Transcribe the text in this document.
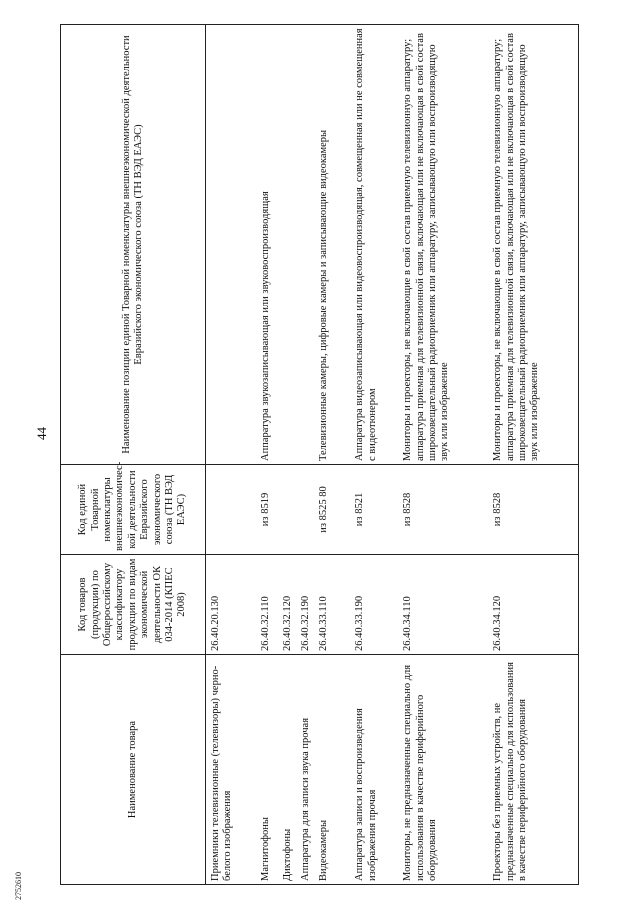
44
2752610
Наименование товара	Код товаров (продукции) по Общероссийскому классификатору продукции по видам экономической деятельности ОК 034-2014 (КПЕС 2008)	Код единой Товарной номенклатуры внешнеэкономичес-кой деятельности Евразийского экономического союза (ТН ВЭД ЕАЭС)	Наименование позиции единой Товарной номенклатуры внешнеэкономической деятельности Евразийского экономического союза (ТН ВЭД ЕАЭС)
Приемники телевизионные (телевизоры) черно-белого изображения	26.40.20.130		
Магнитофоны	26.40.32.110	из 8519	Аппаратура звукозаписывающая или звуковоспроизводящая
Диктофоны	26.40.32.120		
Аппаратура для записи звука прочая	26.40.32.190		
Видеокамеры	26.40.33.110	из 8525 80	Телевизионные камеры, цифровые камеры и записывающие видеокамеры
Аппаратура записи и воспроизведения изображения прочая	26.40.33.190	из 8521	Аппаратура видеозаписывающая или видеовоспроизводящая, совмещенная или не совмещенная с видеотюнером
Мониторы, не предназначенные специально для использования в качестве периферийного оборудования	26.40.34.110	из 8528	Мониторы и проекторы, не включающие в свой состав приемную телевизионную аппаратуру; аппаратура приемная для телевизионной связи, включающая или не включающая в свой состав широковещательный радиоприемник или аппаратуру, записывающую или воспроизводящую звук или изображение
Проекторы без приемных устройств, не предназначенные специально для использования в качестве периферийного оборудования	26.40.34.120	из 8528	Мониторы и проекторы, не включающие в свой состав приемную телевизионную аппаратуру; аппаратура приемная для телевизионной связи, включающая или не включающая в свой состав широковещательный радиоприемник или аппаратуру, записывающую или воспроизводящую звук или изображение
